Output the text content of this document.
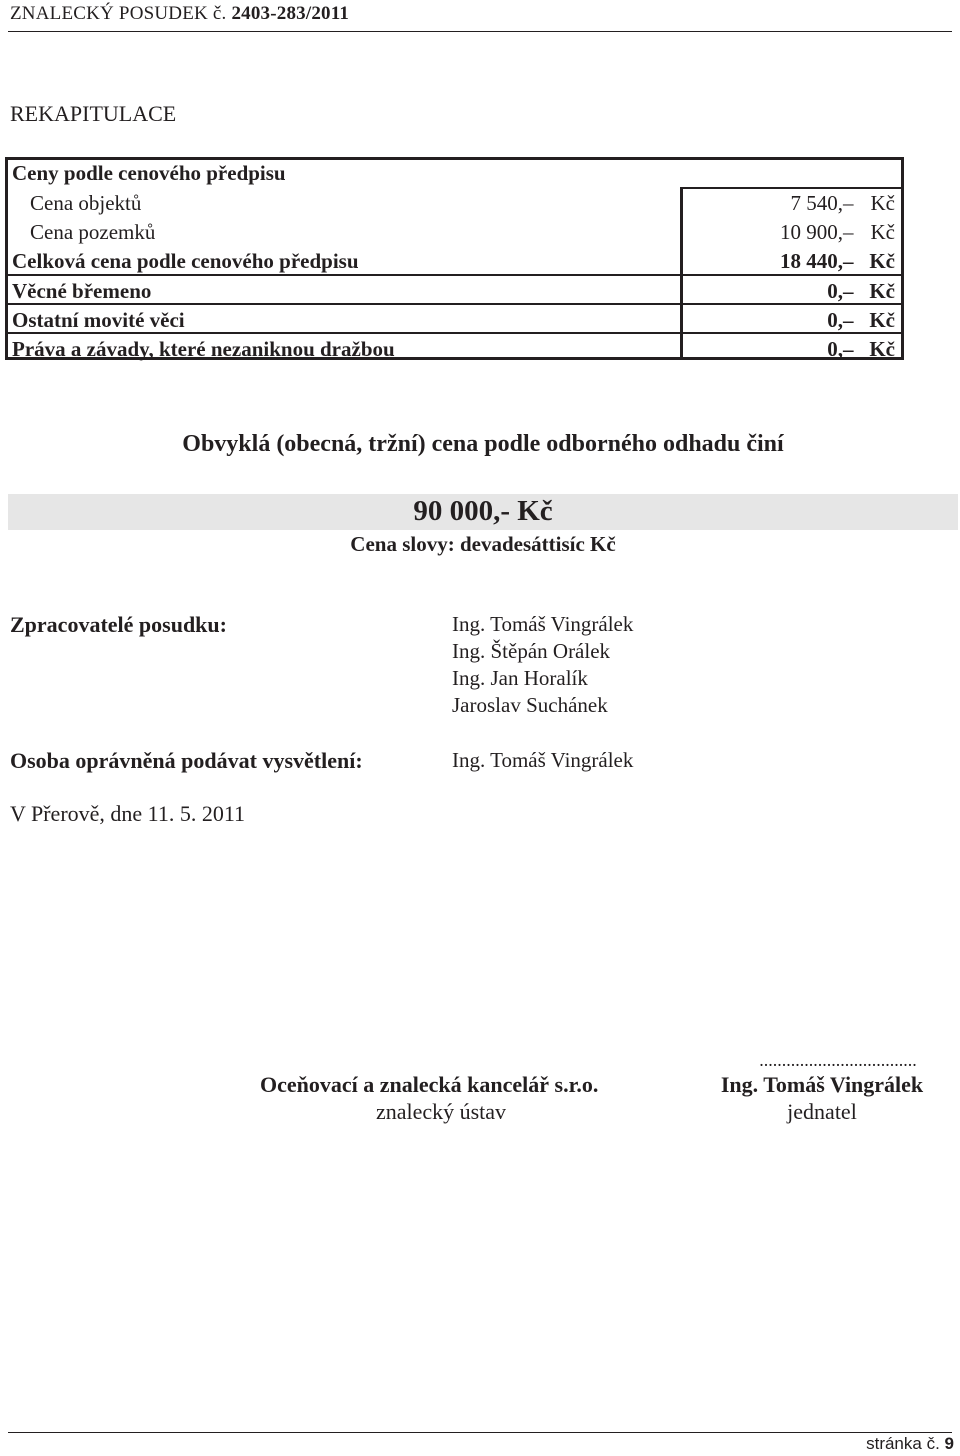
ZNALECKÝ POSUDEK č. 2403-283/2011
REKAPITULACE
Ceny podle cenového předpisu
Cena objektů	7 540,– Kč
Cena pozemků	10 900,– Kč
Celková cena podle cenového předpisu	18 440,– Kč
Věcné břemeno	0,– Kč
Ostatní movité věci	0,– Kč
Práva a závady, které nezaniknou dražbou	0,– Kč
Obvyklá (obecná, tržní) cena podle odborného odhadu činí
90 000,- Kč
Cena slovy: devadesáttisíc Kč
Zpracovatelé posudku:	Ing. Tomáš Vingrálek
Ing. Štěpán Orálek
Ing. Jan Horalík
Jaroslav Suchánek
Osoba oprávněná podávat vysvětlení:	Ing. Tomáš Vingrálek
V Přerově, dne 11. 5. 2011
Oceňovací a znalecká kancelář s.r.o.
znalecký ústav
...................................
Ing. Tomáš Vingrálek
jednatel
stránka č. 9
